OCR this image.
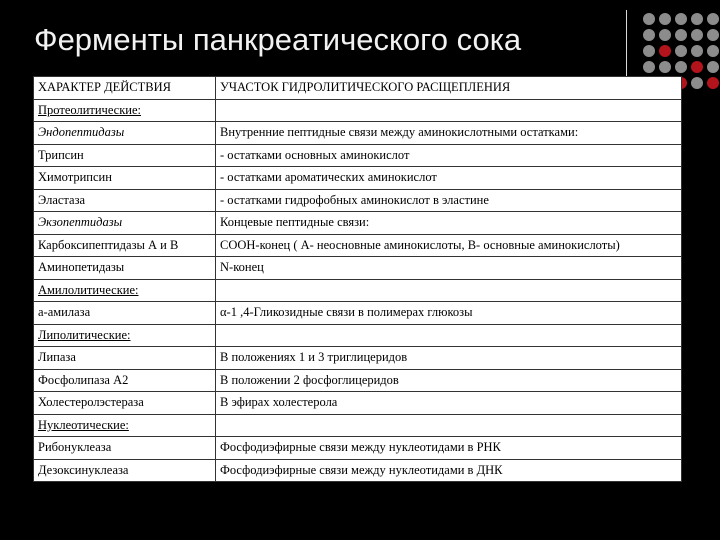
Ферменты панкреатического сока
ХАРАКТЕР ДЕЙСТВИЯ	УЧАСТОК ГИДРОЛИТИЧЕСКОГО РАСЩЕПЛЕНИЯ
Протеолитические:	
Эндопептидазы	Внутренние пептидные связи между аминокислотными остатками:
Трипсин	- остатками основных аминокислот
Химотрипсин	- остатками ароматических аминокислот
Эластаза	- остатками гидрофобных аминокислот в эластине
Экзопептидазы	Концевые пептидные связи:
Карбоксипептидазы А и В	СООН-конец ( А- неосновные аминокислоты, В- основные аминокислоты)
Аминопетидазы	N-конец
Амилолитические:	
a-амилаза	α-1 ,4-Гликозидные связи в полимерах глюкозы
Липолитические:	
Липаза	В положениях 1 и 3 триглицеридов
Фосфолипаза А2	В положении 2 фосфоглицеридов
Холестеролэстераза	В эфирах холестерола
Нуклеотические:	
Рибонуклеаза	Фосфодиэфирные связи между нуклеотидами в РНК
Дезоксинуклеаза	Фосфодиэфирные связи между нуклеотидами в ДНК
